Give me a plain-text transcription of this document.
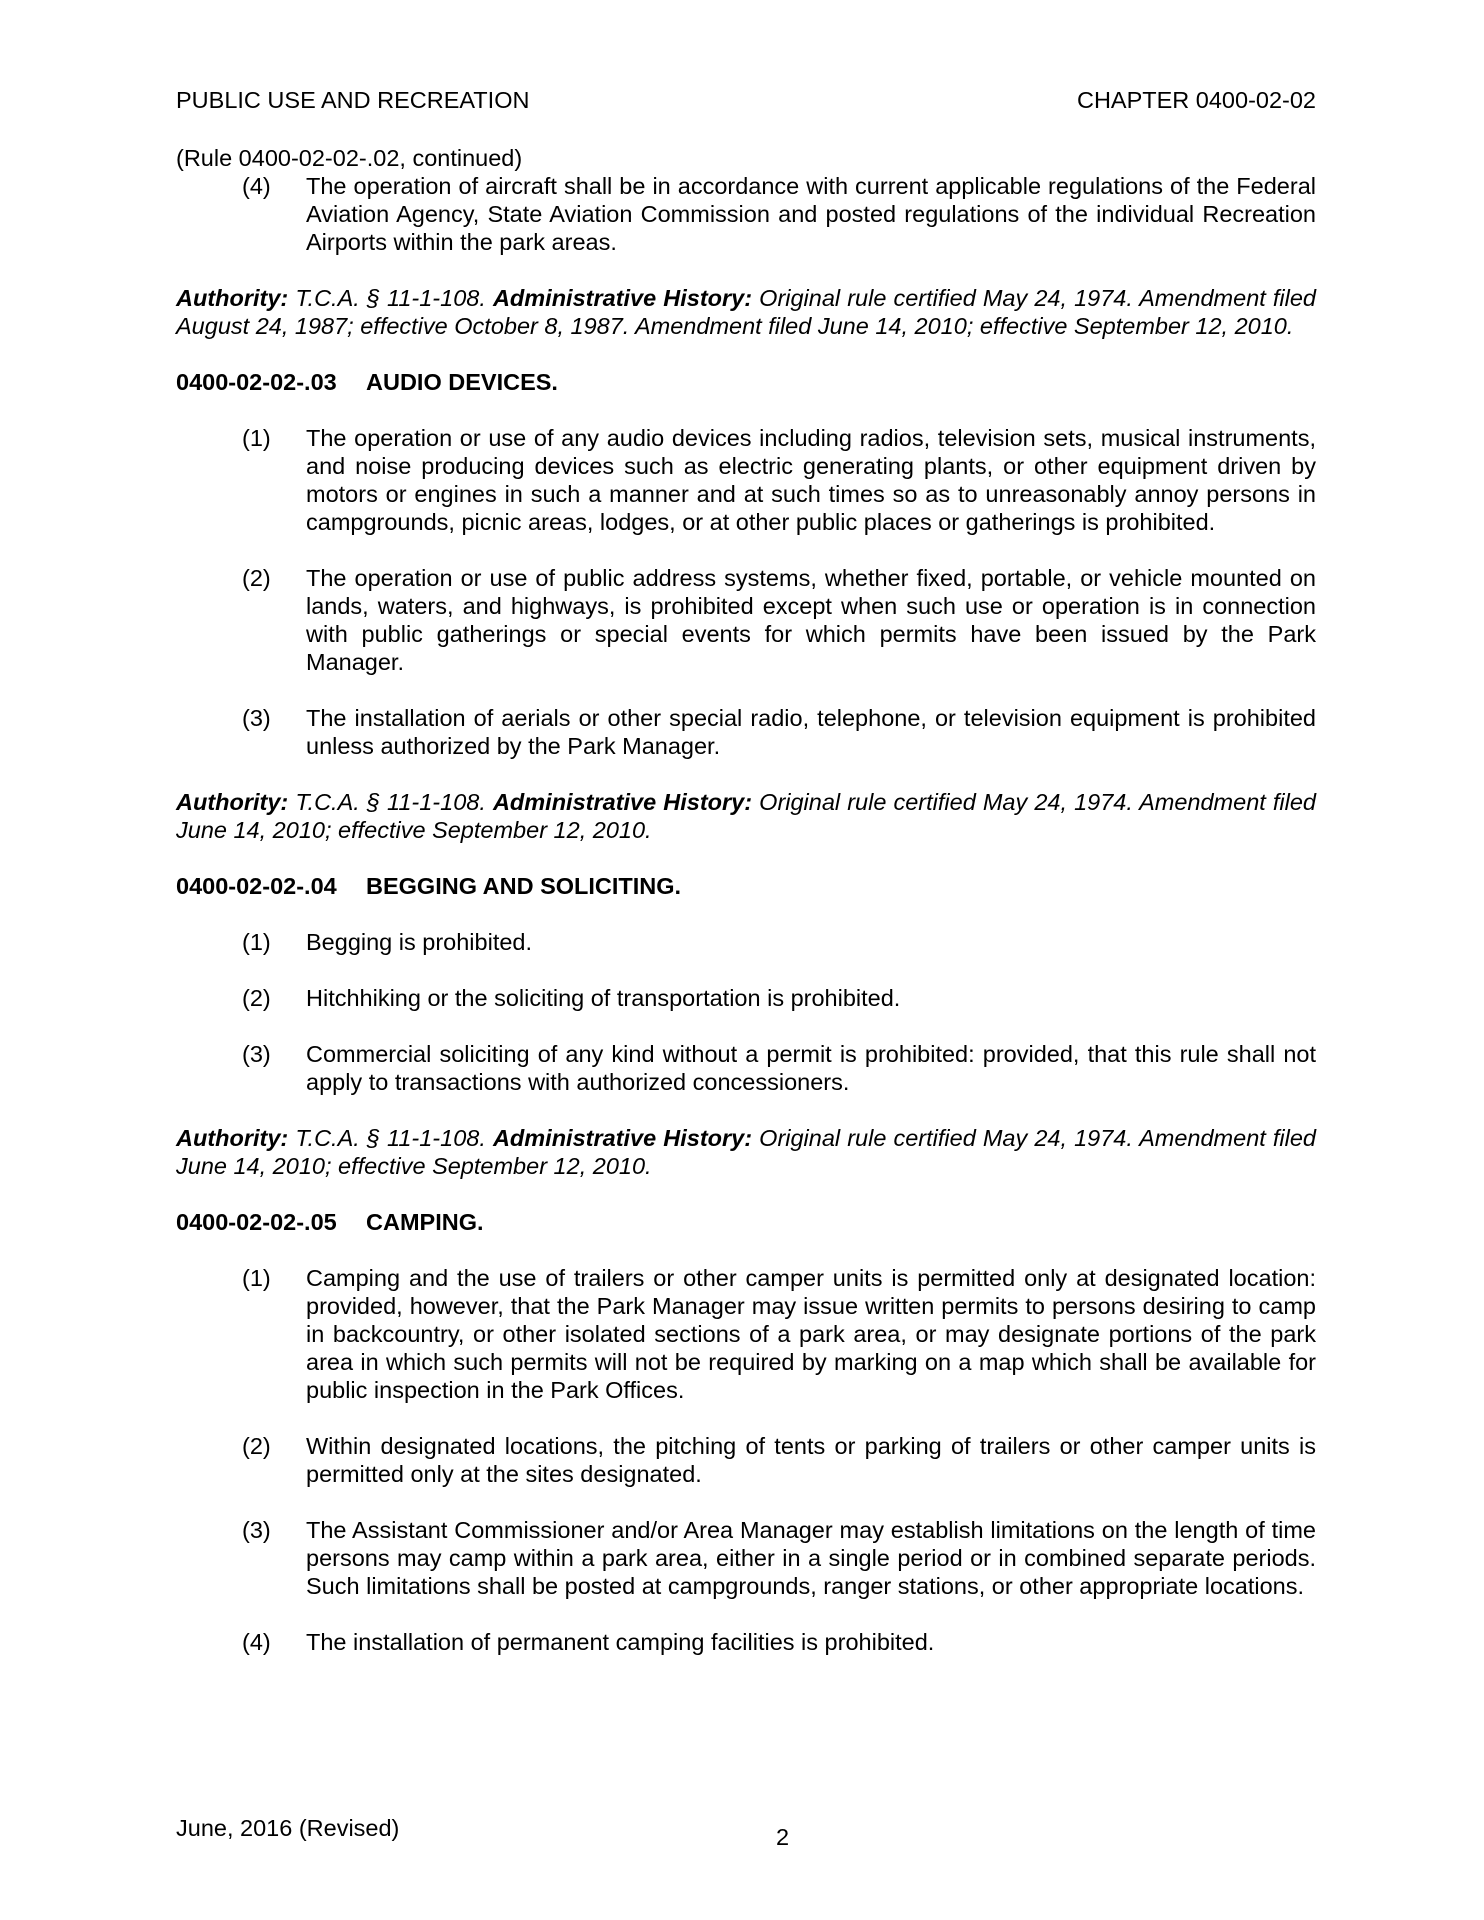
PUBLIC USE AND RECREATION	CHAPTER 0400-02-02

(Rule 0400-02-02-.02, continued)

(4) The operation of aircraft shall be in accordance with current applicable regulations of the Federal Aviation Agency, State Aviation Commission and posted regulations of the individual Recreation Airports within the park areas.

Authority: T.C.A. § 11-1-108. Administrative History: Original rule certified May 24, 1974. Amendment filed August 24, 1987; effective October 8, 1987. Amendment filed June 14, 2010; effective September 12, 2010.

0400-02-02-.03 AUDIO DEVICES.

(1) The operation or use of any audio devices including radios, television sets, musical instruments, and noise producing devices such as electric generating plants, or other equipment driven by motors or engines in such a manner and at such times so as to unreasonably annoy persons in campgrounds, picnic areas, lodges, or at other public places or gatherings is prohibited.

(2) The operation or use of public address systems, whether fixed, portable, or vehicle mounted on lands, waters, and highways, is prohibited except when such use or operation is in connection with public gatherings or special events for which permits have been issued by the Park Manager.

(3) The installation of aerials or other special radio, telephone, or television equipment is prohibited unless authorized by the Park Manager.

Authority: T.C.A. § 11-1-108. Administrative History: Original rule certified May 24, 1974. Amendment filed June 14, 2010; effective September 12, 2010.

0400-02-02-.04 BEGGING AND SOLICITING.

(1) Begging is prohibited.

(2) Hitchhiking or the soliciting of transportation is prohibited.

(3) Commercial soliciting of any kind without a permit is prohibited: provided, that this rule shall not apply to transactions with authorized concessioners.

Authority: T.C.A. § 11-1-108. Administrative History: Original rule certified May 24, 1974. Amendment filed June 14, 2010; effective September 12, 2010.

0400-02-02-.05 CAMPING.

(1) Camping and the use of trailers or other camper units is permitted only at designated location: provided, however, that the Park Manager may issue written permits to persons desiring to camp in backcountry, or other isolated sections of a park area, or may designate portions of the park area in which such permits will not be required by marking on a map which shall be available for public inspection in the Park Offices.

(2) Within designated locations, the pitching of tents or parking of trailers or other camper units is permitted only at the sites designated.

(3) The Assistant Commissioner and/or Area Manager may establish limitations on the length of time persons may camp within a park area, either in a single period or in combined separate periods. Such limitations shall be posted at campgrounds, ranger stations, or other appropriate locations.

(4) The installation of permanent camping facilities is prohibited.

June, 2016 (Revised)	2
